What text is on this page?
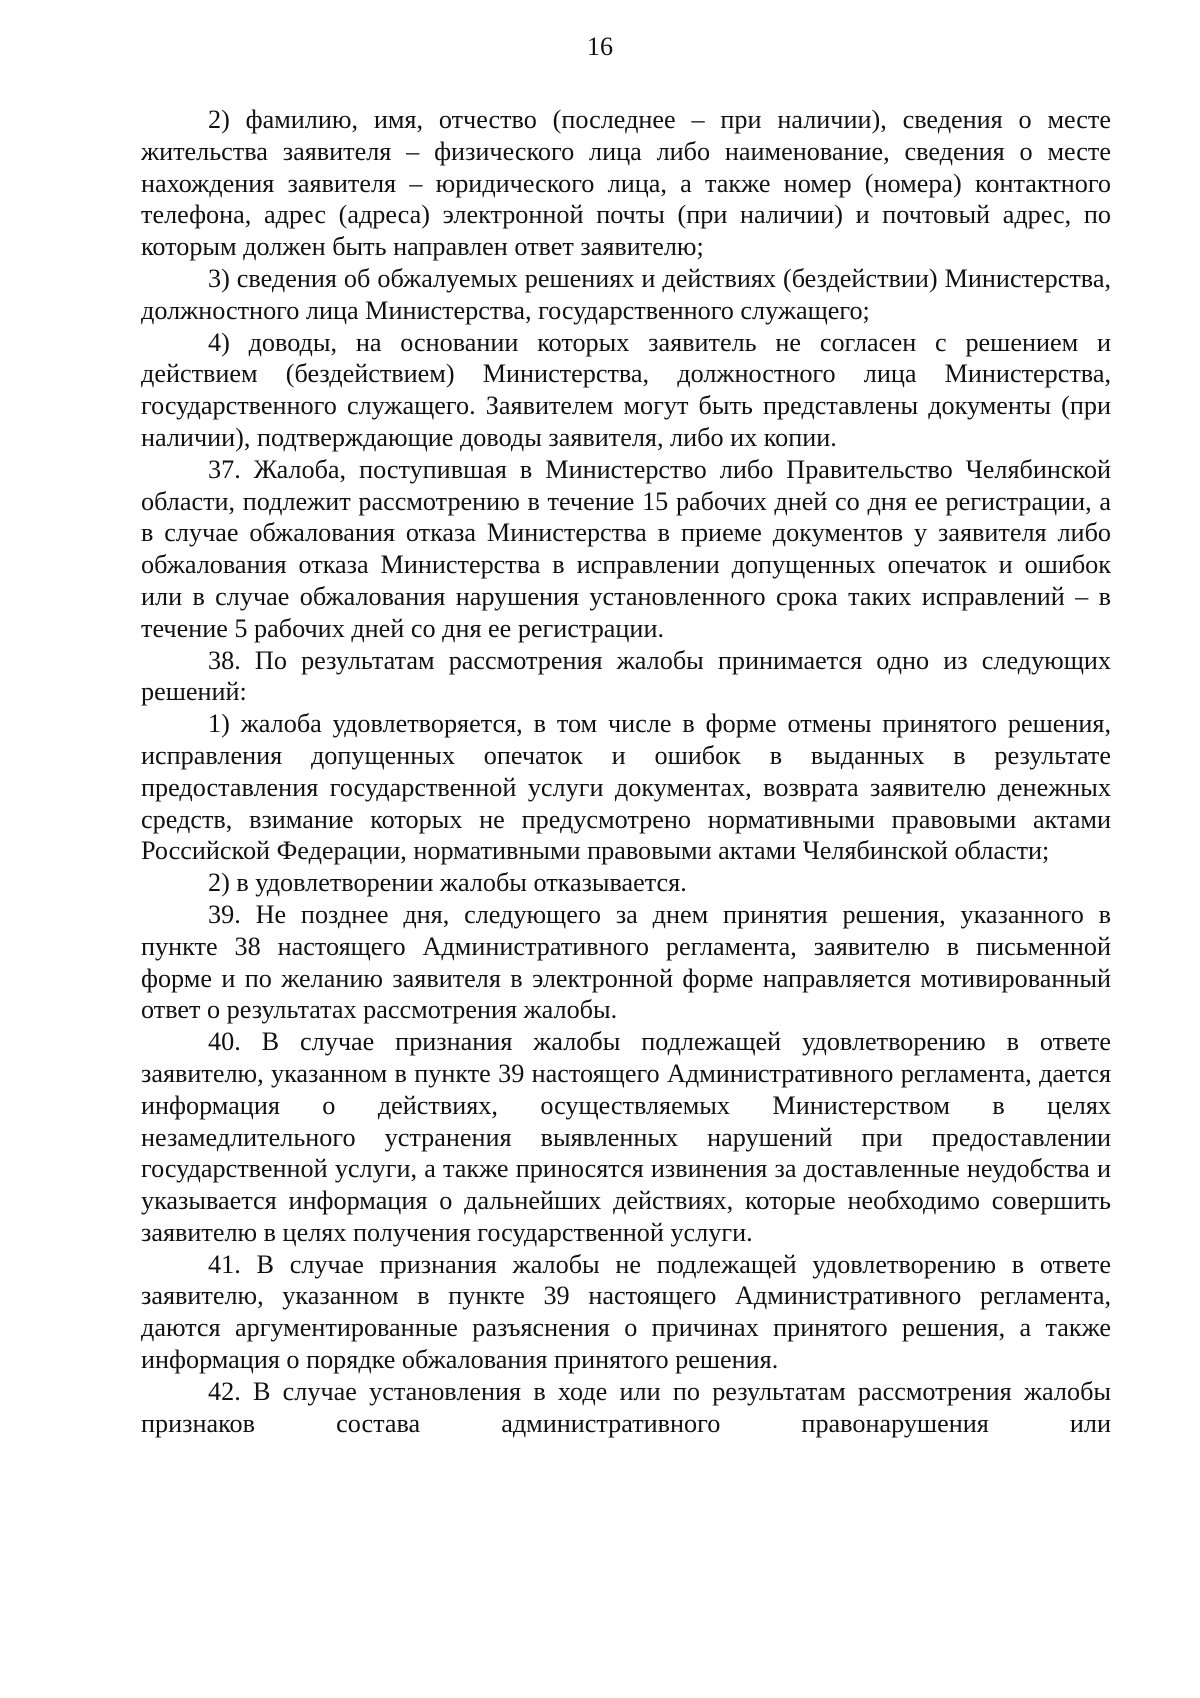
16

2) фамилию, имя, отчество (последнее – при наличии), сведения о месте жительства заявителя – физического лица либо наименование, сведения о месте нахождения заявителя – юридического лица, а также номер (номера) контактного телефона, адрес (адреса) электронной почты (при наличии) и почтовый адрес, по которым должен быть направлен ответ заявителю;

3) сведения об обжалуемых решениях и действиях (бездействии) Министерства, должностного лица Министерства, государственного служащего;

4) доводы, на основании которых заявитель не согласен с решением и действием (бездействием) Министерства, должностного лица Министерства, государственного служащего. Заявителем могут быть представлены документы (при наличии), подтверждающие доводы заявителя, либо их копии.

37. Жалоба, поступившая в Министерство либо Правительство Челябинской области, подлежит рассмотрению в течение 15 рабочих дней со дня ее регистрации, а в случае обжалования отказа Министерства в приеме документов у заявителя либо обжалования отказа Министерства в исправлении допущенных опечаток и ошибок или в случае обжалования нарушения установленного срока таких исправлений – в течение 5 рабочих дней со дня ее регистрации.

38. По результатам рассмотрения жалобы принимается одно из следующих решений:

1) жалоба удовлетворяется, в том числе в форме отмены принятого решения, исправления допущенных опечаток и ошибок в выданных в результате предоставления государственной услуги документах, возврата заявителю денежных средств, взимание которых не предусмотрено нормативными правовыми актами Российской Федерации, нормативными правовыми актами Челябинской области;

2) в удовлетворении жалобы отказывается.

39. Не позднее дня, следующего за днем принятия решения, указанного в пункте 38 настоящего Административного регламента, заявителю в письменной форме и по желанию заявителя в электронной форме направляется мотивированный ответ о результатах рассмотрения жалобы.

40. В случае признания жалобы подлежащей удовлетворению в ответе заявителю, указанном в пункте 39 настоящего Административного регламента, дается информация о действиях, осуществляемых Министерством в целях незамедлительного устранения выявленных нарушений при предоставлении государственной услуги, а также приносятся извинения за доставленные неудобства и указывается информация о дальнейших действиях, которые необходимо совершить заявителю в целях получения государственной услуги.

41. В случае признания жалобы не подлежащей удовлетворению в ответе заявителю, указанном в пункте 39 настоящего Административного регламента, даются аргументированные разъяснения о причинах принятого решения, а также информация о порядке обжалования принятого решения.

42. В случае установления в ходе или по результатам рассмотрения жалобы признаков состава административного правонарушения или
